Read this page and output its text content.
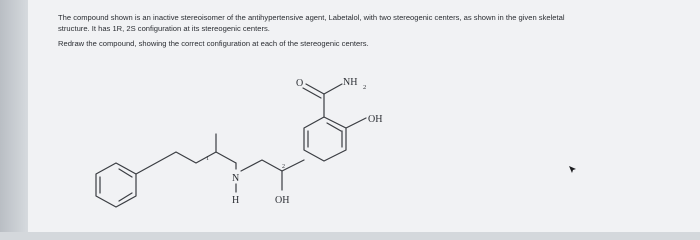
The compound shown is an inactive stereoisomer of the antihypertensive agent, Labetalol, with two stereogenic centers, as shown in the given skeletal

structure. It has 1R, 2S configuration at its stereogenic centers.

Redraw the compound, showing the correct configuration at each of the stereogenic centers.

O	NH 2
OH
N
H	OH
1
2
